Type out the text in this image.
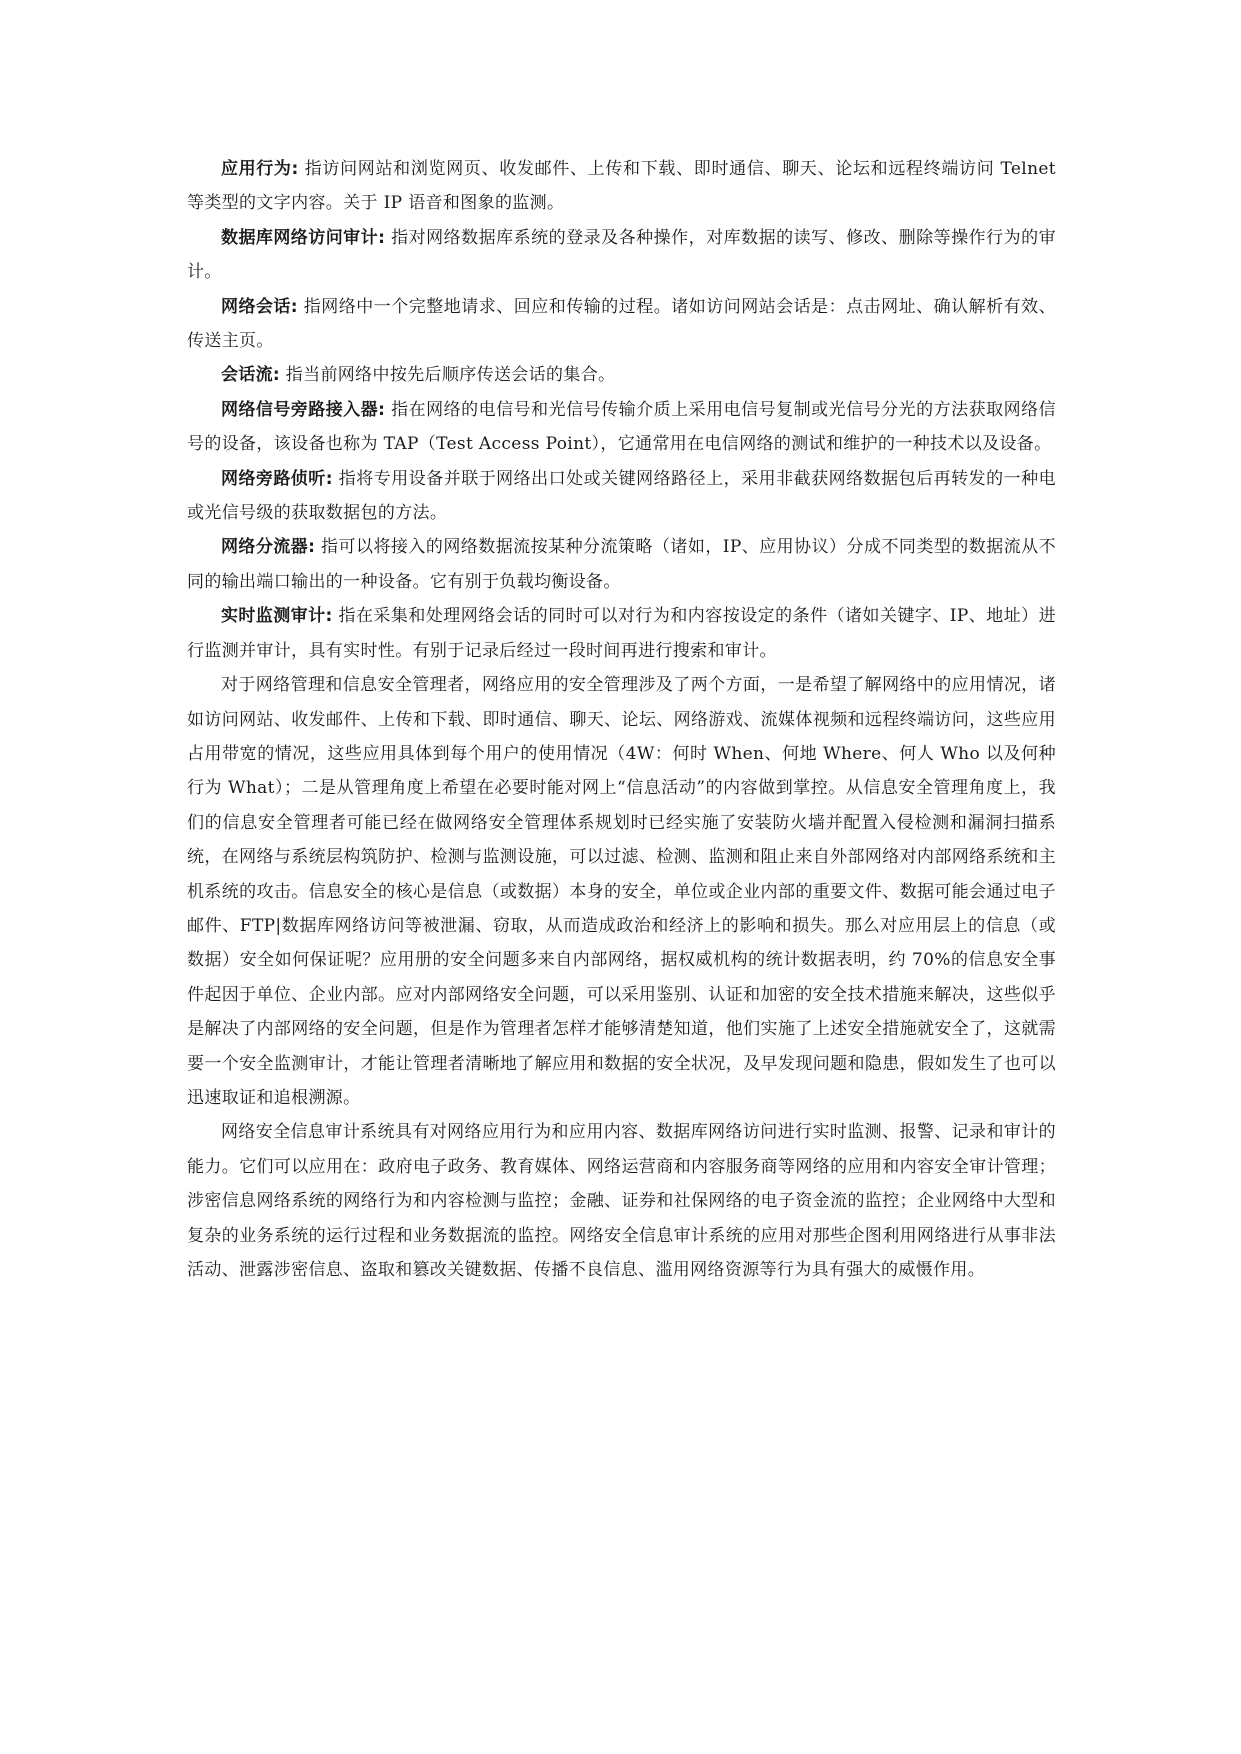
应用行为: 指访问网站和浏览网页、收发邮件、上传和下载、即时通信、聊天、论坛和远程终端访问 Telnet 等类型的文字内容。关于 IP 语音和图象的监测。

数据库网络访问审计: 指对网络数据库系统的登录及各种操作，对库数据的读写、修改、删除等操作行为的审计。

网络会话: 指网络中一个完整地请求、回应和传输的过程。诸如访问网站会话是：点击网址、确认解析有效、传送主页。

会话流: 指当前网络中按先后顺序传送会话的集合。

网络信号旁路接入器: 指在网络的电信号和光信号传输介质上采用电信号复制或光信号分光的方法获取网络信号的设备，该设备也称为 TAP（Test Access Point），它通常用在电信网络的测试和维护的一种技术以及设备。

网络旁路侦听: 指将专用设备并联于网络出口处或关键网络路径上，采用非截获网络数据包后再转发的一种电或光信号级的获取数据包的方法。

网络分流器: 指可以将接入的网络数据流按某种分流策略（诸如，IP、应用协议）分成不同类型的数据流从不同的输出端口输出的一种设备。它有别于负载均衡设备。

实时监测审计: 指在采集和处理网络会话的同时可以对行为和内容按设定的条件（诸如关键字、IP、地址）进行监测并审计，具有实时性。有别于记录后经过一段时间再进行搜索和审计。

对于网络管理和信息安全管理者，网络应用的安全管理涉及了两个方面，一是希望了解网络中的应用情况，诸如访问网站、收发邮件、上传和下载、即时通信、聊天、论坛、网络游戏、流媒体视频和远程终端访问，这些应用占用带宽的情况，这些应用具体到每个用户的使用情况（4W：何时 When、何地 Where、何人 Who 以及何种行为 What）；二是从管理角度上希望在必要时能对网上“信息活动”的内容做到掌控。从信息安全管理角度上，我们的信息安全管理者可能已经在做网络安全管理体系规划时已经实施了安装防火墙并配置入侵检测和漏洞扫描系统，在网络与系统层构筑防护、检测与监测设施，可以过滤、检测、监测和阻止来自外部网络对内部网络系统和主机系统的攻击。信息安全的核心是信息（或数据）本身的安全，单位或企业内部的重要文件、数据可能会通过电子邮件、FTP|数据库网络访问等被泄漏、窃取，从而造成政治和经济上的影响和损失。那么对应用层上的信息（或数据）安全如何保证呢？应用册的安全问题多来自内部网络，据权威机构的统计数据表明，约 70%的信息安全事件起因于单位、企业内部。应对内部网络安全问题，可以采用鉴别、认证和加密的安全技术措施来解决，这些似乎是解决了内部网络的安全问题，但是作为管理者怎样才能够清楚知道，他们实施了上述安全措施就安全了，这就需要一个安全监测审计，才能让管理者清晰地了解应用和数据的安全状况，及早发现问题和隐患，假如发生了也可以迅速取证和追根溯源。

网络安全信息审计系统具有对网络应用行为和应用内容、数据库网络访问进行实时监测、报警、记录和审计的能力。它们可以应用在：政府电子政务、教育媒体、网络运营商和内容服务商等网络的应用和内容安全审计管理；涉密信息网络系统的网络行为和内容检测与监控；金融、证券和社保网络的电子资金流的监控；企业网络中大型和复杂的业务系统的运行过程和业务数据流的监控。网络安全信息审计系统的应用对那些企图利用网络进行从事非法活动、泄露涉密信息、盗取和篡改关键数据、传播不良信息、滥用网络资源等行为具有强大的威慑作用。
